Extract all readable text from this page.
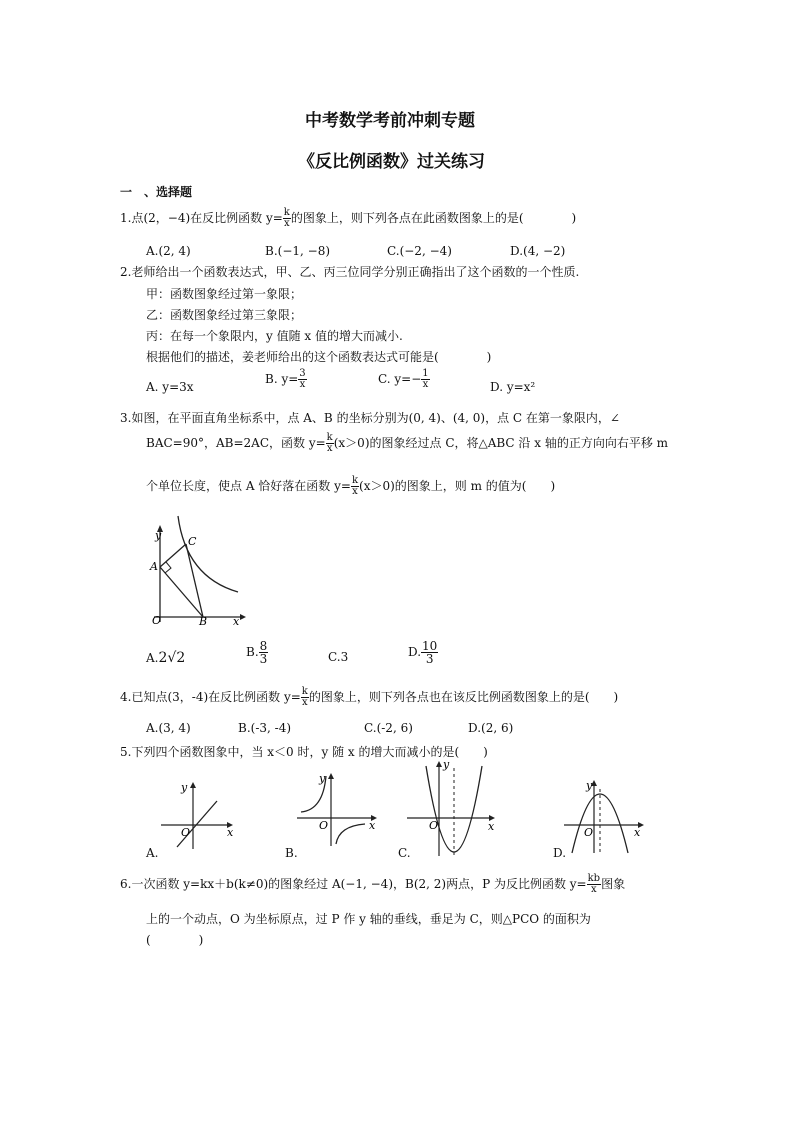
中考数学考前冲刺专题
《反比例函数》过关练习
一　、选择题
1.点(2，−4)在反比例函数 $y= \frac{k}{x}$ 的图象上，则下列各点在此函数图象上的是(　　　　)
A.(2, 4)	B.(−1, −8)	C.(−2, −4)	D.(4, −2)
2.老师给出一个函数表达式，甲、乙、丙三位同学分别正确指出了这个函数的一个性质.
甲：函数图象经过第一象限；
乙：函数图象经过第三象限；
丙：在每一个象限内，y 值随 x 值的增大而减小.
根据他们的描述，姜老师给出的这个函数表达式可能是(　　　　)
A. y=3x
B. $y= \frac{3}{x}$	C. $y=- \frac{1}{x}$	D. y=x²
3.如图，在平面直角坐标系中，点 A、B 的坐标分别为(0, 4)、(4, 0)，点 C 在第一象限内，∠
BAC=90°，AB=2AC，函数 $y= \frac{k}{x} (x>0)$的图象经过点 C，将△ABC 沿 x 轴的正方向向右平移 m
个单位长度，使点 A 恰好落在函数 $y= \frac{k}{x} (x>0)$的图象上，则 m 的值为(　　)
y
x
O
A
B
C
A.2√2	B. $\frac{8}{3}$	C.3	D. $\frac{10}{3}$
4.已知点(3，-4)在反比例函数 $y= \frac{k}{x}$ 的图象上，则下列各点也在该反比例函数图象上的是(　　)
A.(3, 4)	B.(-3, -4)	C.(-2, 6)	D.(2, 6)
5.下列四个函数图象中，当 x＜0 时，y 随 x 的增大而减小的是(　　)
y
x
O
y
x
O
y
x
O
y
x
O
A.	B.	C.	D.
6.一次函数 y=kx＋b(k≠0)的图象经过 A(−1, −4)，B(2, 2)两点，P 为反比例函数 $y= \frac{kb}{x}$ 图象
上的一个动点，O 为坐标原点，过 P 作 y 轴的垂线，垂足为 C，则△PCO 的面积为
(　　　　)
